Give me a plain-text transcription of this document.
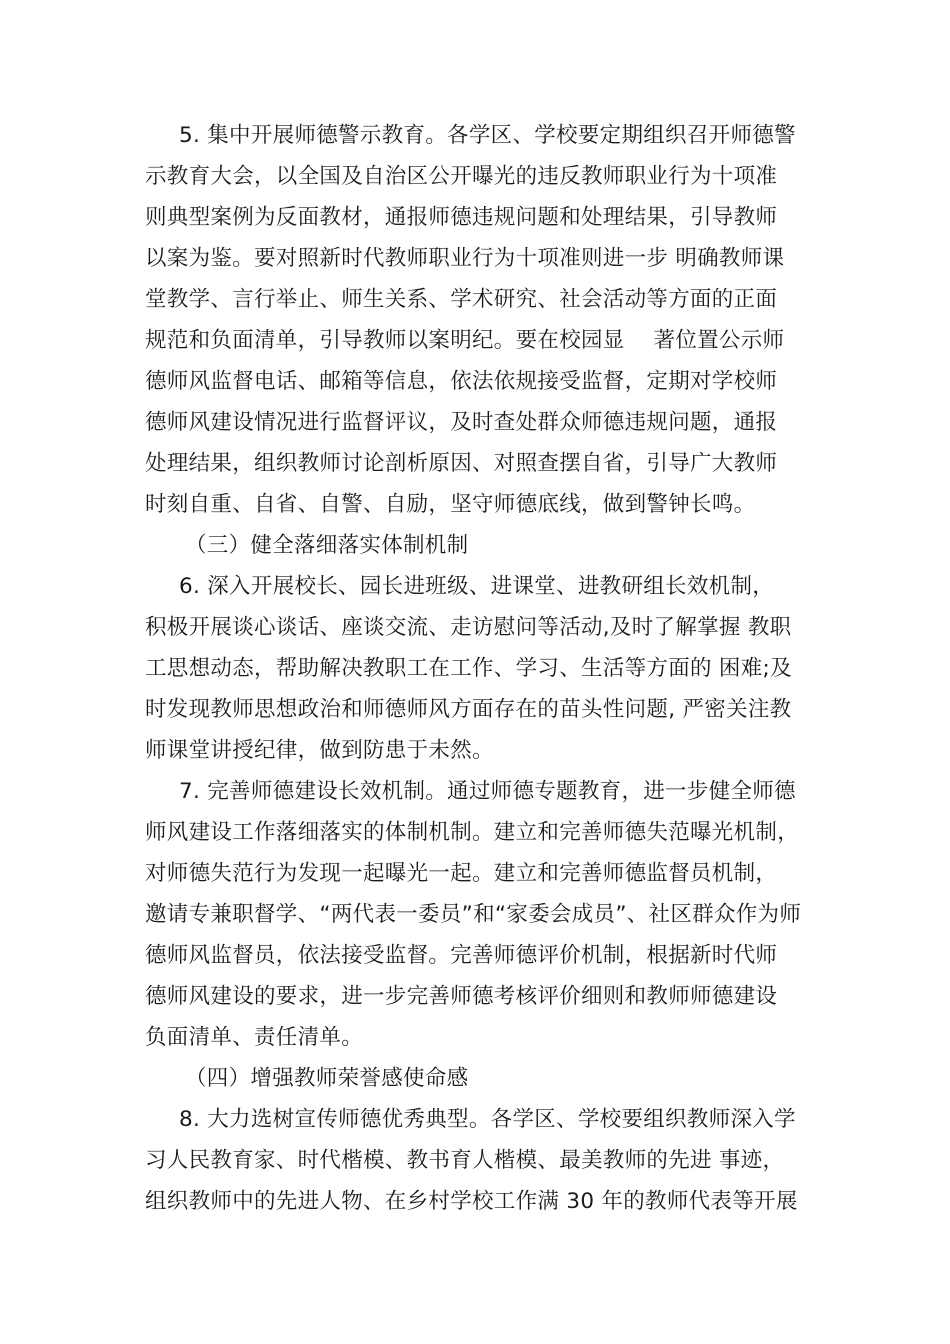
5. 集中开展师德警示教育。各学区、学校要定期组织召开师德警
示教育大会，以全国及自治区公开曝光的违反教师职业行为十项准
则典型案例为反面教材，通报师德违规问题和处理结果，引导教师
以案为鉴。要对照新时代教师职业行为十项准则进一步 明确教师课
堂教学、言行举止、师生关系、学术研究、社会活动等方面的正面
规范和负面清单，引导教师以案明纪。要在校园显　 著位置公示师
德师风监督电话、邮箱等信息，依法依规接受监督，定期对学校师
德师风建设情况进行监督评议，及时查处群众师德违规问题，通报
处理结果，组织教师讨论剖析原因、对照查摆自省，引导广大教师
时刻自重、自省、自警、自励，坚守师德底线，做到警钟长鸣。
（三）健全落细落实体制机制
6. 深入开展校长、园长进班级、进课堂、进教研组长效机制，
积极开展谈心谈话、座谈交流、走访慰问等活动,及时了解掌握 教职
工思想动态，帮助解决教职工在工作、学习、生活等方面的 困难;及
时发现教师思想政治和师德师风方面存在的苗头性问题, 严密关注教
师课堂讲授纪律，做到防患于未然。
7. 完善师德建设长效机制。通过师德专题教育，进一步健全师德
师风建设工作落细落实的体制机制。建立和完善师德失范曝光机制，
对师德失范行为发现一起曝光一起。建立和完善师德监督员机制，
邀请专兼职督学、“两代表一委员”和“家委会成员”、社区群众作为师
德师风监督员，依法接受监督。完善师德评价机制，根据新时代师
德师风建设的要求，进一步完善师德考核评价细则和教师师德建设
负面清单、责任清单。
（四）增强教师荣誉感使命感
8. 大力选树宣传师德优秀典型。各学区、学校要组织教师深入学
习人民教育家、时代楷模、教书育人楷模、最美教师的先进 事迹，
组织教师中的先进人物、在乡村学校工作满 30 年的教师代表等开展
